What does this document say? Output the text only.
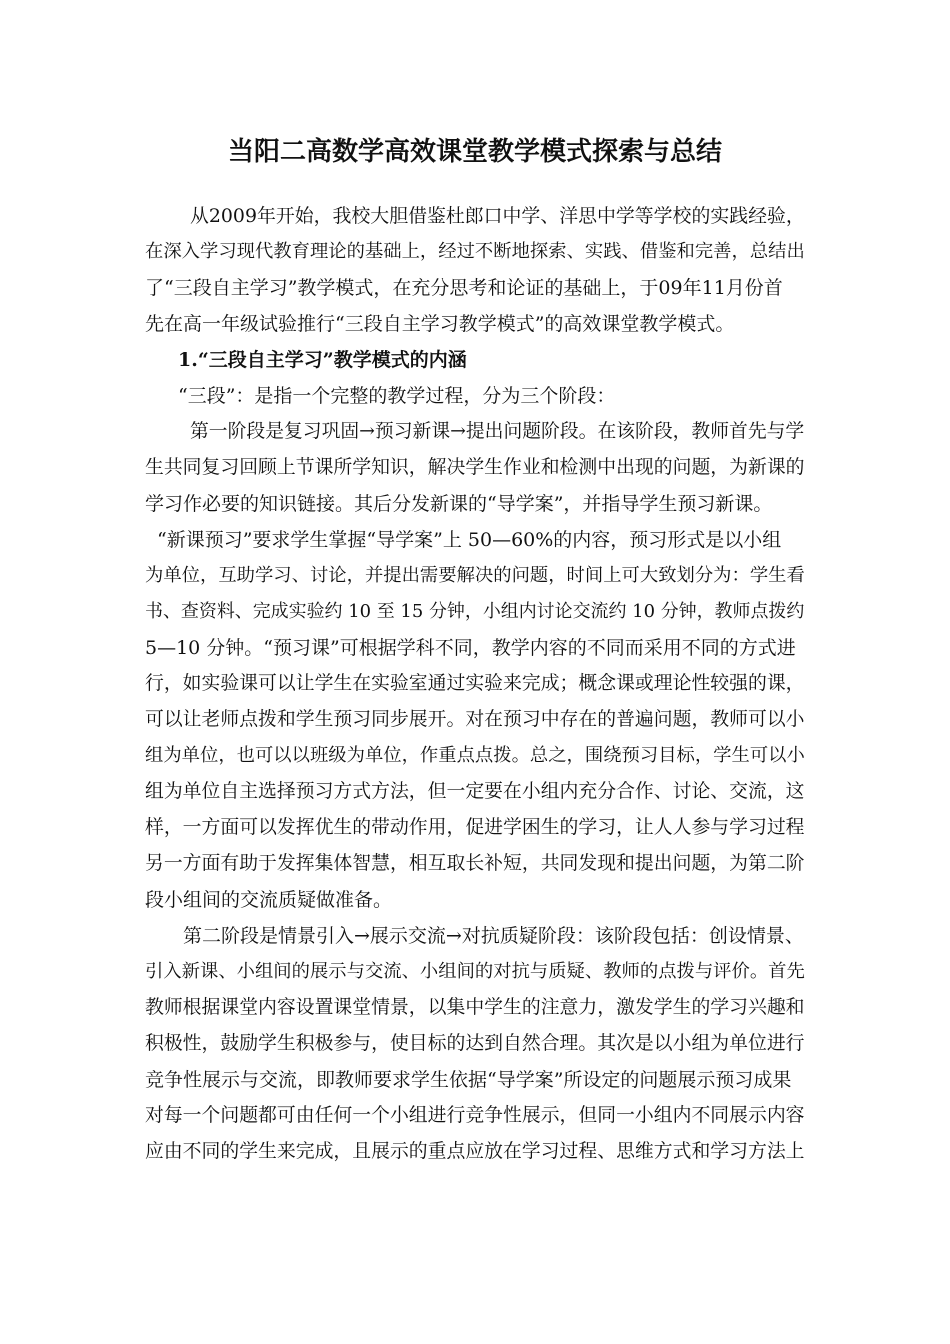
当阳二高数学高效课堂教学模式探索与总结
从2009年开始，我校大胆借鉴杜郎口中学、洋思中学等学校的实践经验，
在深入学习现代教育理论的基础上，经过不断地探索、实践、借鉴和完善，总结出
了“三段自主学习”教学模式，在充分思考和论证的基础上，于09年11月份首
先在高一年级试验推行“三段自主学习教学模式”的高效课堂教学模式。
1.“三段自主学习”教学模式的内涵
“三段”：是指一个完整的教学过程，分为三个阶段：
第一阶段是复习巩固→预习新课→提出问题阶段。在该阶段，教师首先与学
生共同复习回顾上节课所学知识，解决学生作业和检测中出现的问题，为新课的
学习作必要的知识链接。其后分发新课的“导学案”，并指导学生预习新课。
“新课预习”要求学生掌握“导学案”上 50—60%的内容，预习形式是以小组
为单位，互助学习、讨论，并提出需要解决的问题，时间上可大致划分为：学生看
书、查资料、完成实验约 10 至 15 分钟，小组内讨论交流约 10 分钟，教师点拨约
5—10 分钟。“预习课”可根据学科不同，教学内容的不同而采用不同的方式进
行，如实验课可以让学生在实验室通过实验来完成；概念课或理论性较强的课，
可以让老师点拨和学生预习同步展开。对在预习中存在的普遍问题，教师可以小
组为单位，也可以以班级为单位，作重点点拨。总之，围绕预习目标，学生可以小
组为单位自主选择预习方式方法，但一定要在小组内充分合作、讨论、交流，这
样，一方面可以发挥优生的带动作用，促进学困生的学习，让人人参与学习过程
另一方面有助于发挥集体智慧，相互取长补短，共同发现和提出问题，为第二阶
段小组间的交流质疑做准备。
第二阶段是情景引入→展示交流→对抗质疑阶段：该阶段包括：创设情景、
引入新课、小组间的展示与交流、小组间的对抗与质疑、教师的点拨与评价。首先
教师根据课堂内容设置课堂情景，以集中学生的注意力，激发学生的学习兴趣和
积极性，鼓励学生积极参与，使目标的达到自然合理。其次是以小组为单位进行
竞争性展示与交流，即教师要求学生依据“导学案”所设定的问题展示预习成果
对每一个问题都可由任何一个小组进行竞争性展示，但同一小组内不同展示内容
应由不同的学生来完成，且展示的重点应放在学习过程、思维方式和学习方法上
